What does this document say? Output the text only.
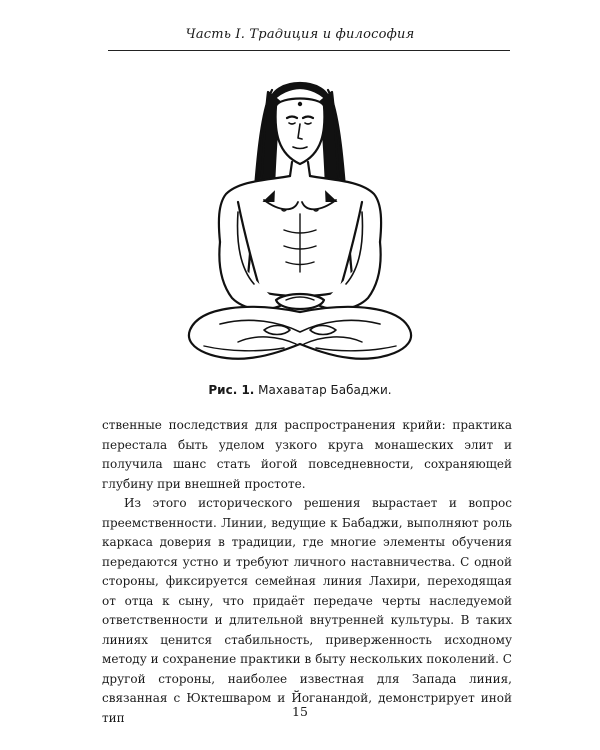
Часть I. Традиция и философия
Рис. 1. Махаватар Бабаджи.

ственные последствия для распространения крийи: практика перестала быть уделом узкого круга монашеских элит и получила шанс стать йогой повседневности, сохраняющей глубину при внешней простоте.

Из этого исторического решения вырастает и вопрос преемственности. Линии, ведущие к Бабаджи, выполняют роль каркаса доверия в традиции, где многие элементы обучения передаются устно и требуют личного наставничества. С одной стороны, фиксируется семейная линия Лахири, переходящая от отца к сыну, что придаёт передаче черты наследуемой ответственности и длительной внутренней культуры. В таких линиях ценится стабильность, приверженность исходному методу и сохранение практики в быту нескольких поколений. С другой стороны, наиболее известная для Запада линия, связанная с Юктешваром и Йоганандой, демонстрирует иной тип	15
